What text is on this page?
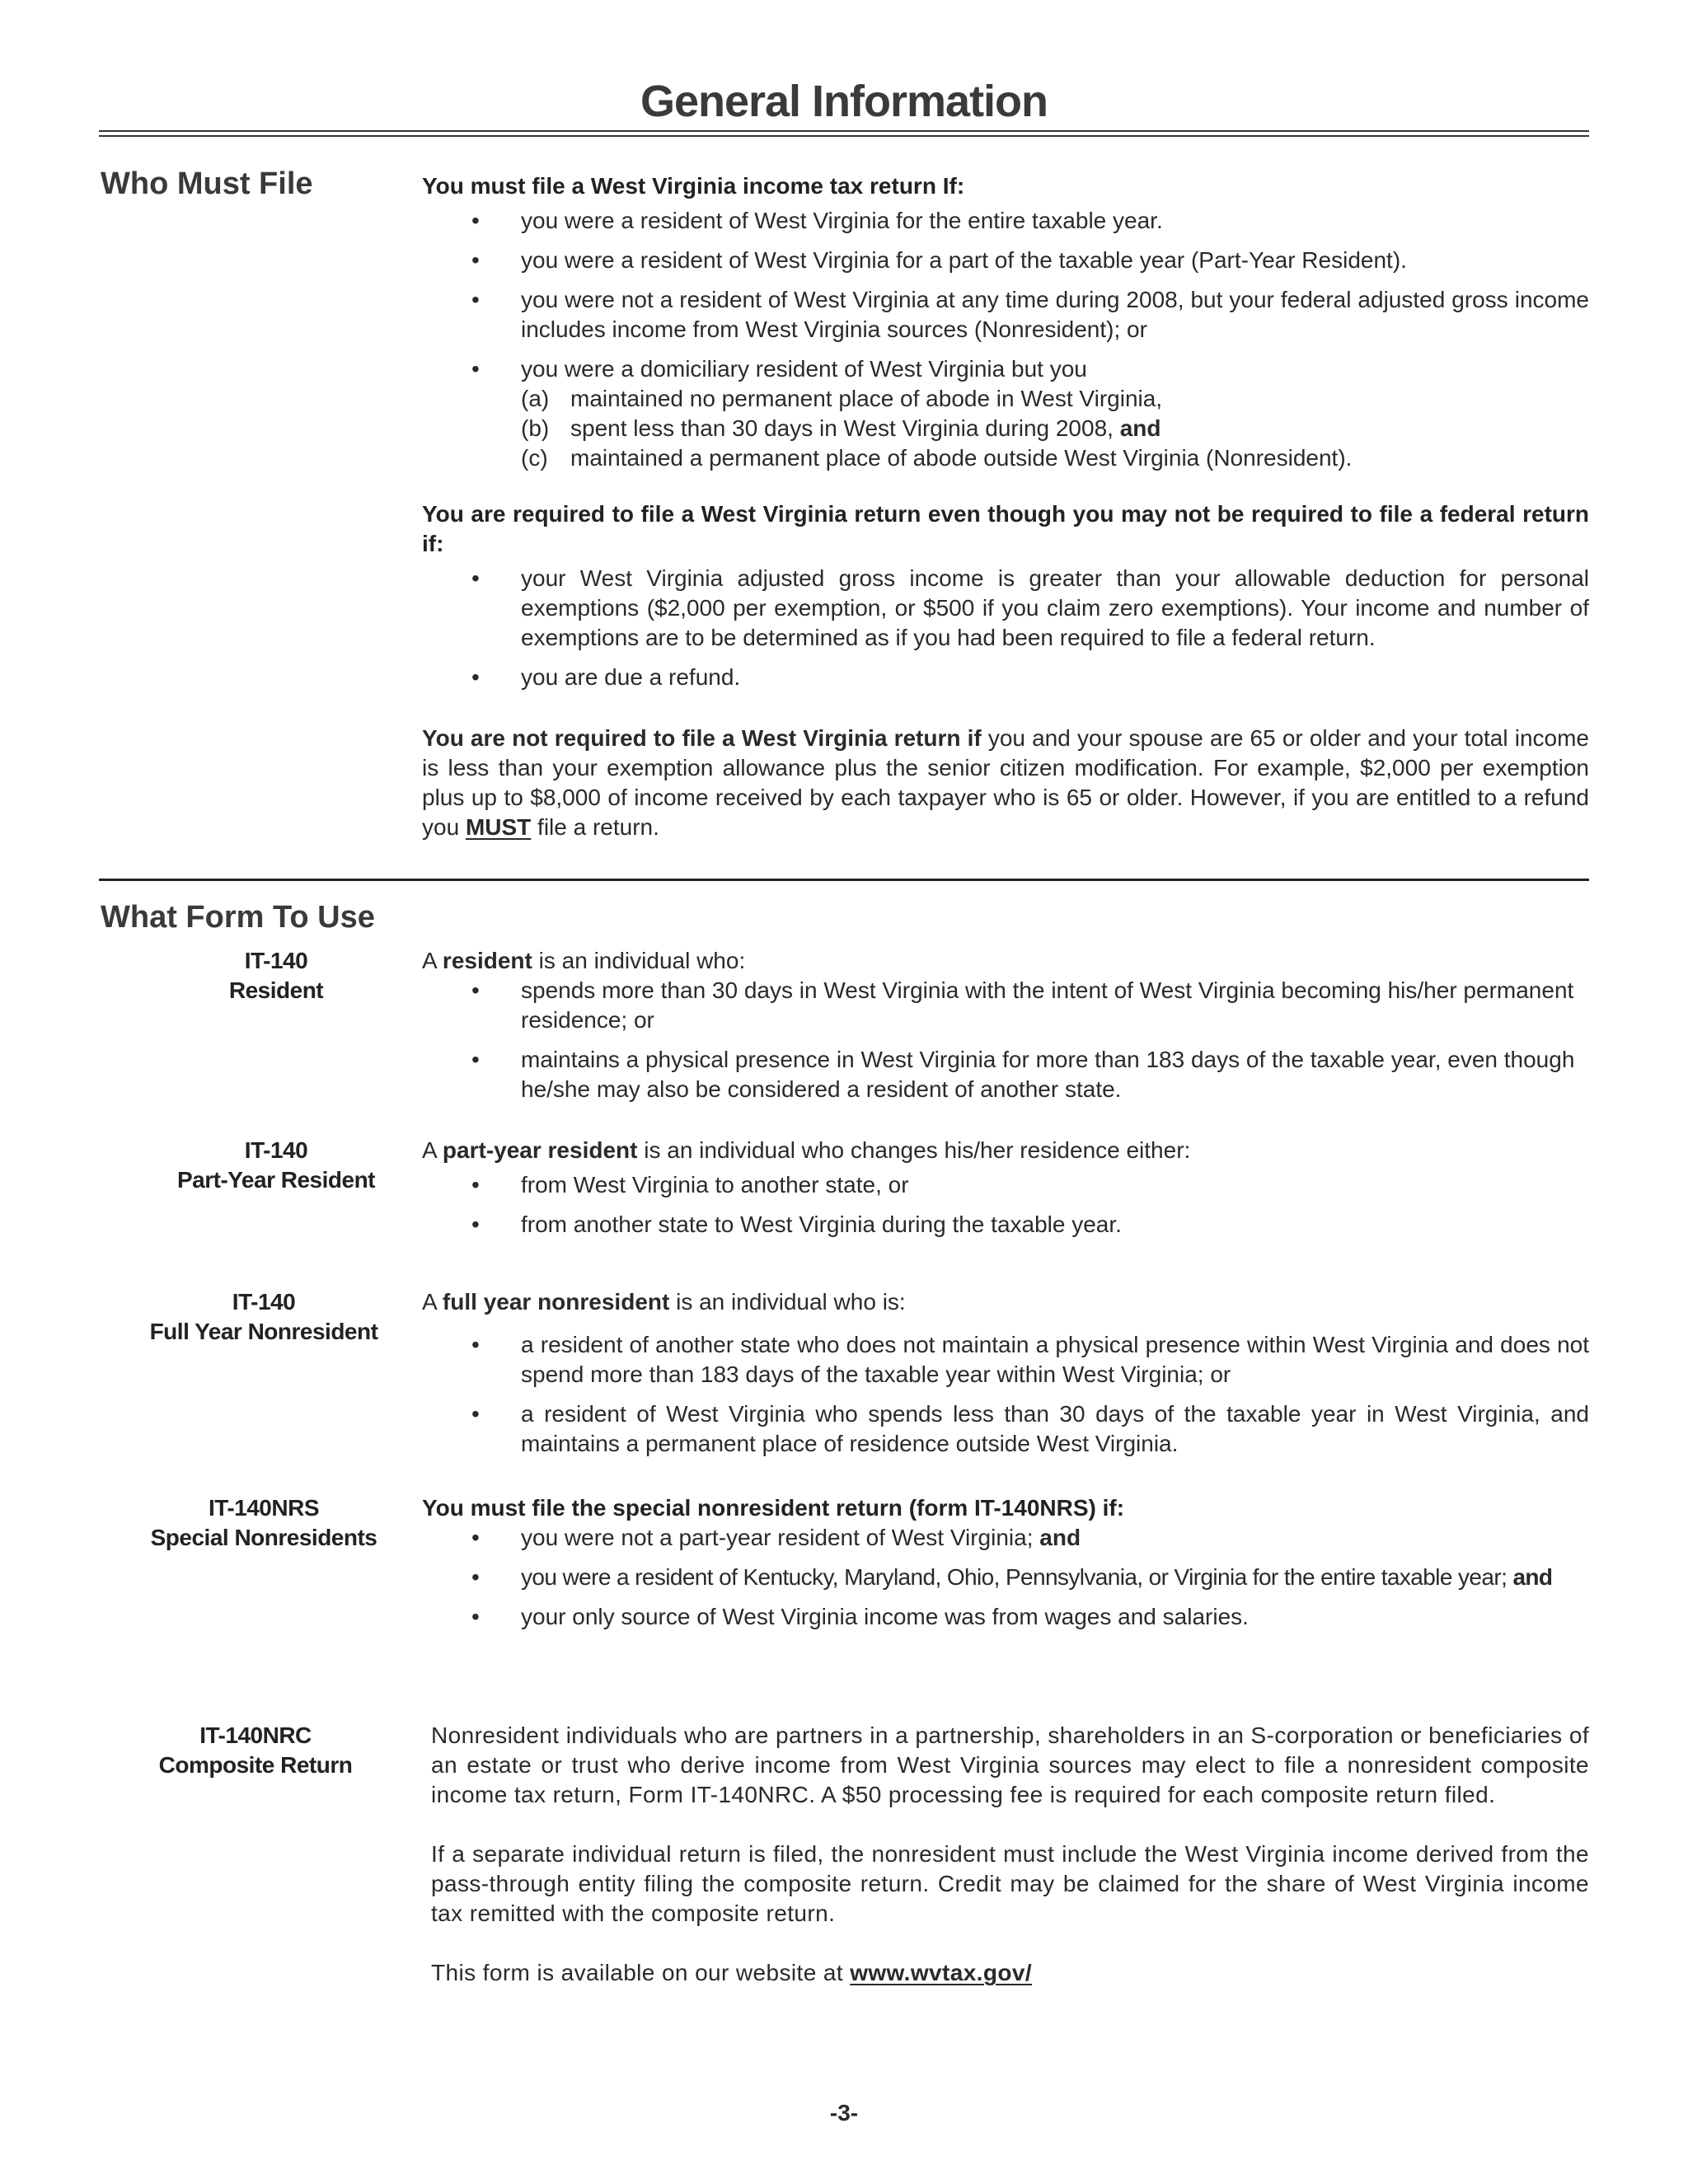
General Information
Who Must File	You must file a West Virginia income tax return If:

• you were a resident of West Virginia for the entire taxable year.
• you were a resident of West Virginia for a part of the taxable year (Part-Year Resident).
• you were not a resident of West Virginia at any time during 2008, but your federal adjusted gross income includes income from West Virginia sources (Nonresident); or
• you were a domiciliary resident of West Virginia but you
(a) maintained no permanent place of abode in West Virginia,
(b) spent less than 30 days in West Virginia during 2008, and
(c) maintained a permanent place of abode outside West Virginia (Nonresident).

You are required to file a West Virginia return even though you may not be required to file a federal return if:

• your West Virginia adjusted gross income is greater than your allowable deduction for personal exemptions ($2,000 per exemption, or $500 if you claim zero exemptions). Your income and number of exemptions are to be determined as if you had been required to file a federal return.
• you are due a refund.

You are not required to file a West Virginia return if you and your spouse are 65 or older and your total income is less than your exemption allowance plus the senior citizen modification. For example, $2,000 per exemption plus up to $8,000 of income received by each taxpayer who is 65 or older. However, if you are entitled to a refund you MUST file a return.

What Form To Use
IT-140
Resident

A resident is an individual who:

• spends more than 30 days in West Virginia with the intent of West Virginia becoming his/her permanent residence; or
• maintains a physical presence in West Virginia for more than 183 days of the taxable year, even though he/she may also be considered a resident of another state.
IT-140
Part-Year Resident

A part-year resident is an individual who changes his/her residence either:

• from West Virginia to another state, or
• from another state to West Virginia during the taxable year.
IT-140
Full Year Nonresident

A full year nonresident is an individual who is:

• a resident of another state who does not maintain a physical presence within West Virginia and does not spend more than 183 days of the taxable year within West Virginia; or
• a resident of West Virginia who spends less than 30 days of the taxable year in West Virginia, and maintains a permanent place of residence outside West Virginia.
IT-140NRS
Special Nonresidents

You must file the special nonresident return (form IT-140NRS) if:

• you were not a part-year resident of West Virginia; and
• you were a resident of Kentucky, Maryland, Ohio, Pennsylvania, or Virginia for the entire taxable year; and
• your only source of West Virginia income was from wages and salaries.
IT-140NRC
Composite Return

Nonresident individuals who are partners in a partnership, shareholders in an S-corporation or beneficiaries of an estate or trust who derive income from West Virginia sources may elect to file a nonresident composite income tax return, Form IT-140NRC. A $50 processing fee is required for each composite return filed.

If a separate individual return is filed, the nonresident must include the West Virginia income derived from the pass-through entity filing the composite return. Credit may be claimed for the share of West Virginia income tax remitted with the composite return.

This form is available on our website at www.wvtax.gov/

-3-
